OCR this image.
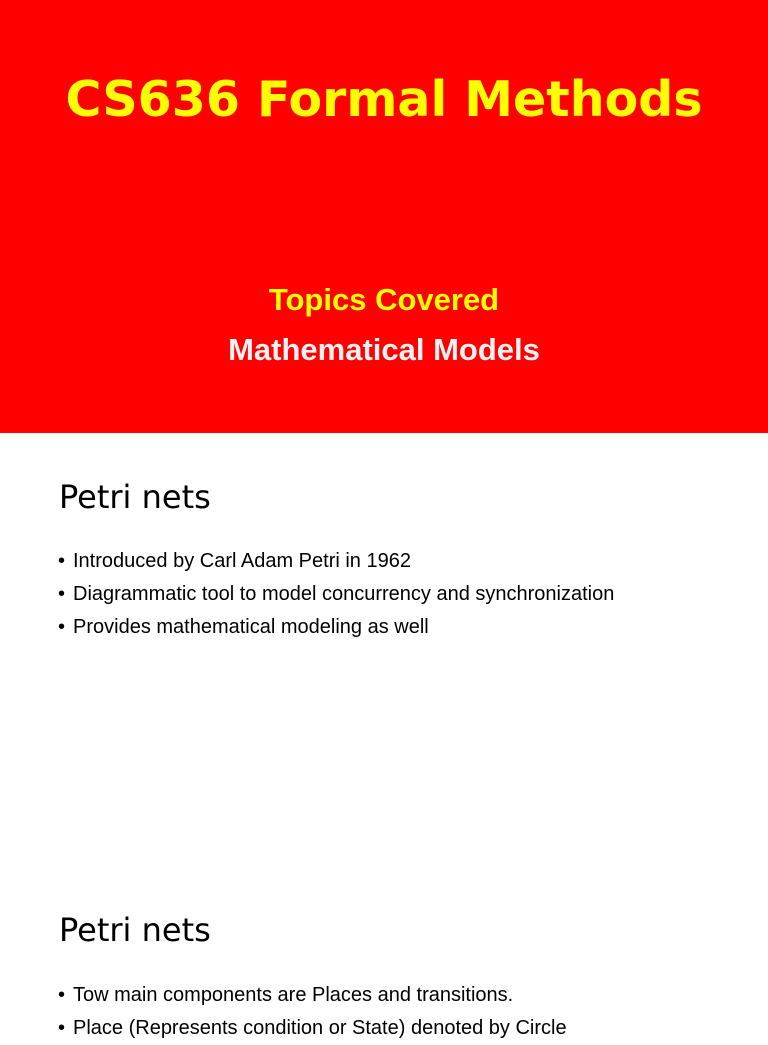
CS636 Formal Methods
Topics Covered
Mathematical Models
Petri nets
• Introduced by Carl Adam Petri in 1962
• Diagrammatic tool to model concurrency and synchronization
• Provides mathematical modeling as well
Petri nets
• Tow main components are Places and transitions.
• Place (Represents condition or State) denoted by Circle
